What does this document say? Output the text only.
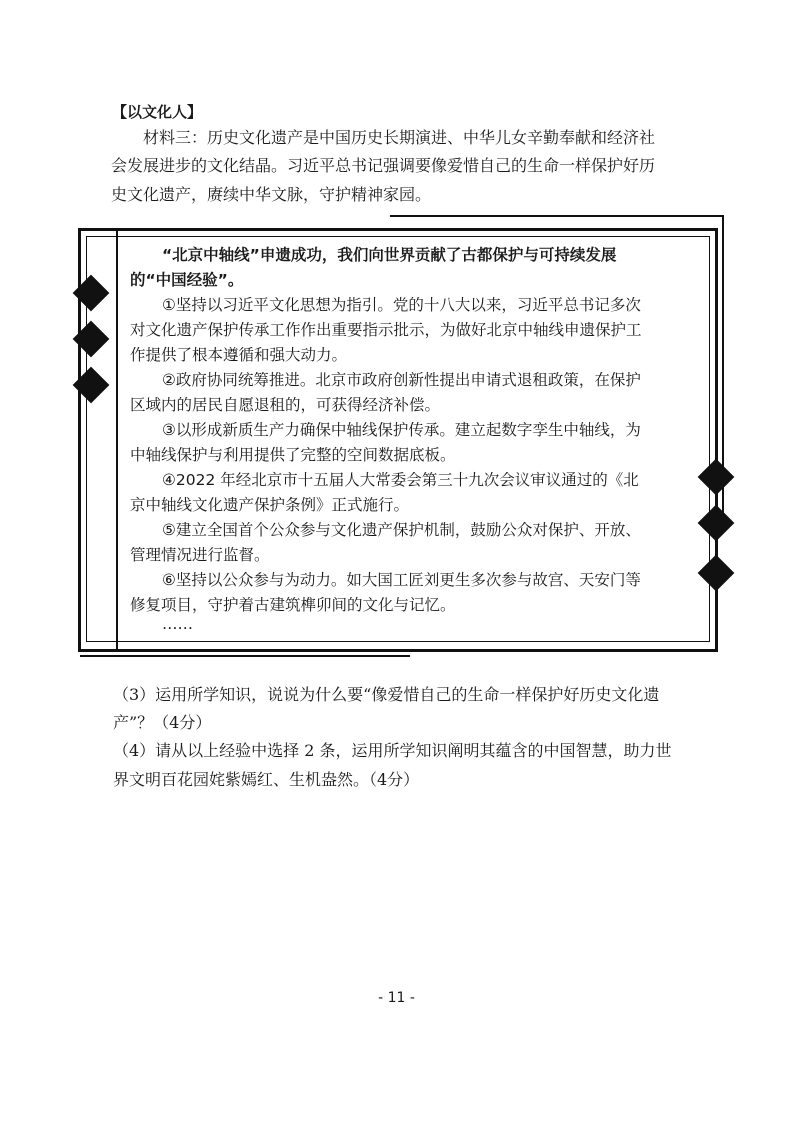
【以文化人】
材料三：历史文化遗产是中国历史长期演进、中华儿女辛勤奉献和经济社
会发展进步的文化结晶。习近平总书记强调要像爱惜自己的生命一样保护好历
史文化遗产，赓续中华文脉，守护精神家园。
“北京中轴线”申遗成功，我们向世界贡献了古都保护与可持续发展
的“中国经验”。
①坚持以习近平文化思想为指引。党的十八大以来，习近平总书记多次
对文化遗产保护传承工作作出重要指示批示，为做好北京中轴线申遗保护工
作提供了根本遵循和强大动力。
②政府协同统筹推进。北京市政府创新性提出申请式退租政策，在保护
区域内的居民自愿退租的，可获得经济补偿。
③以形成新质生产力确保中轴线保护传承。建立起数字孪生中轴线，为
中轴线保护与利用提供了完整的空间数据底板。
④2022 年经北京市十五届人大常委会第三十九次会议审议通过的《北
京中轴线文化遗产保护条例》正式施行。
⑤建立全国首个公众参与文化遗产保护机制，鼓励公众对保护、开放、
管理情况进行监督。
⑥坚持以公众参与为动力。如大国工匠刘更生多次参与故宫、天安门等
修复项目，守护着古建筑榫卯间的文化与记忆。
……
（3）运用所学知识，说说为什么要“像爱惜自己的生命一样保护好历史文化遗
产”？（4分）
（4）请从以上经验中选择 2 条，运用所学知识阐明其蕴含的中国智慧，助力世
界文明百花园姹紫嫣红、生机盎然。（4分）
- 11 -
